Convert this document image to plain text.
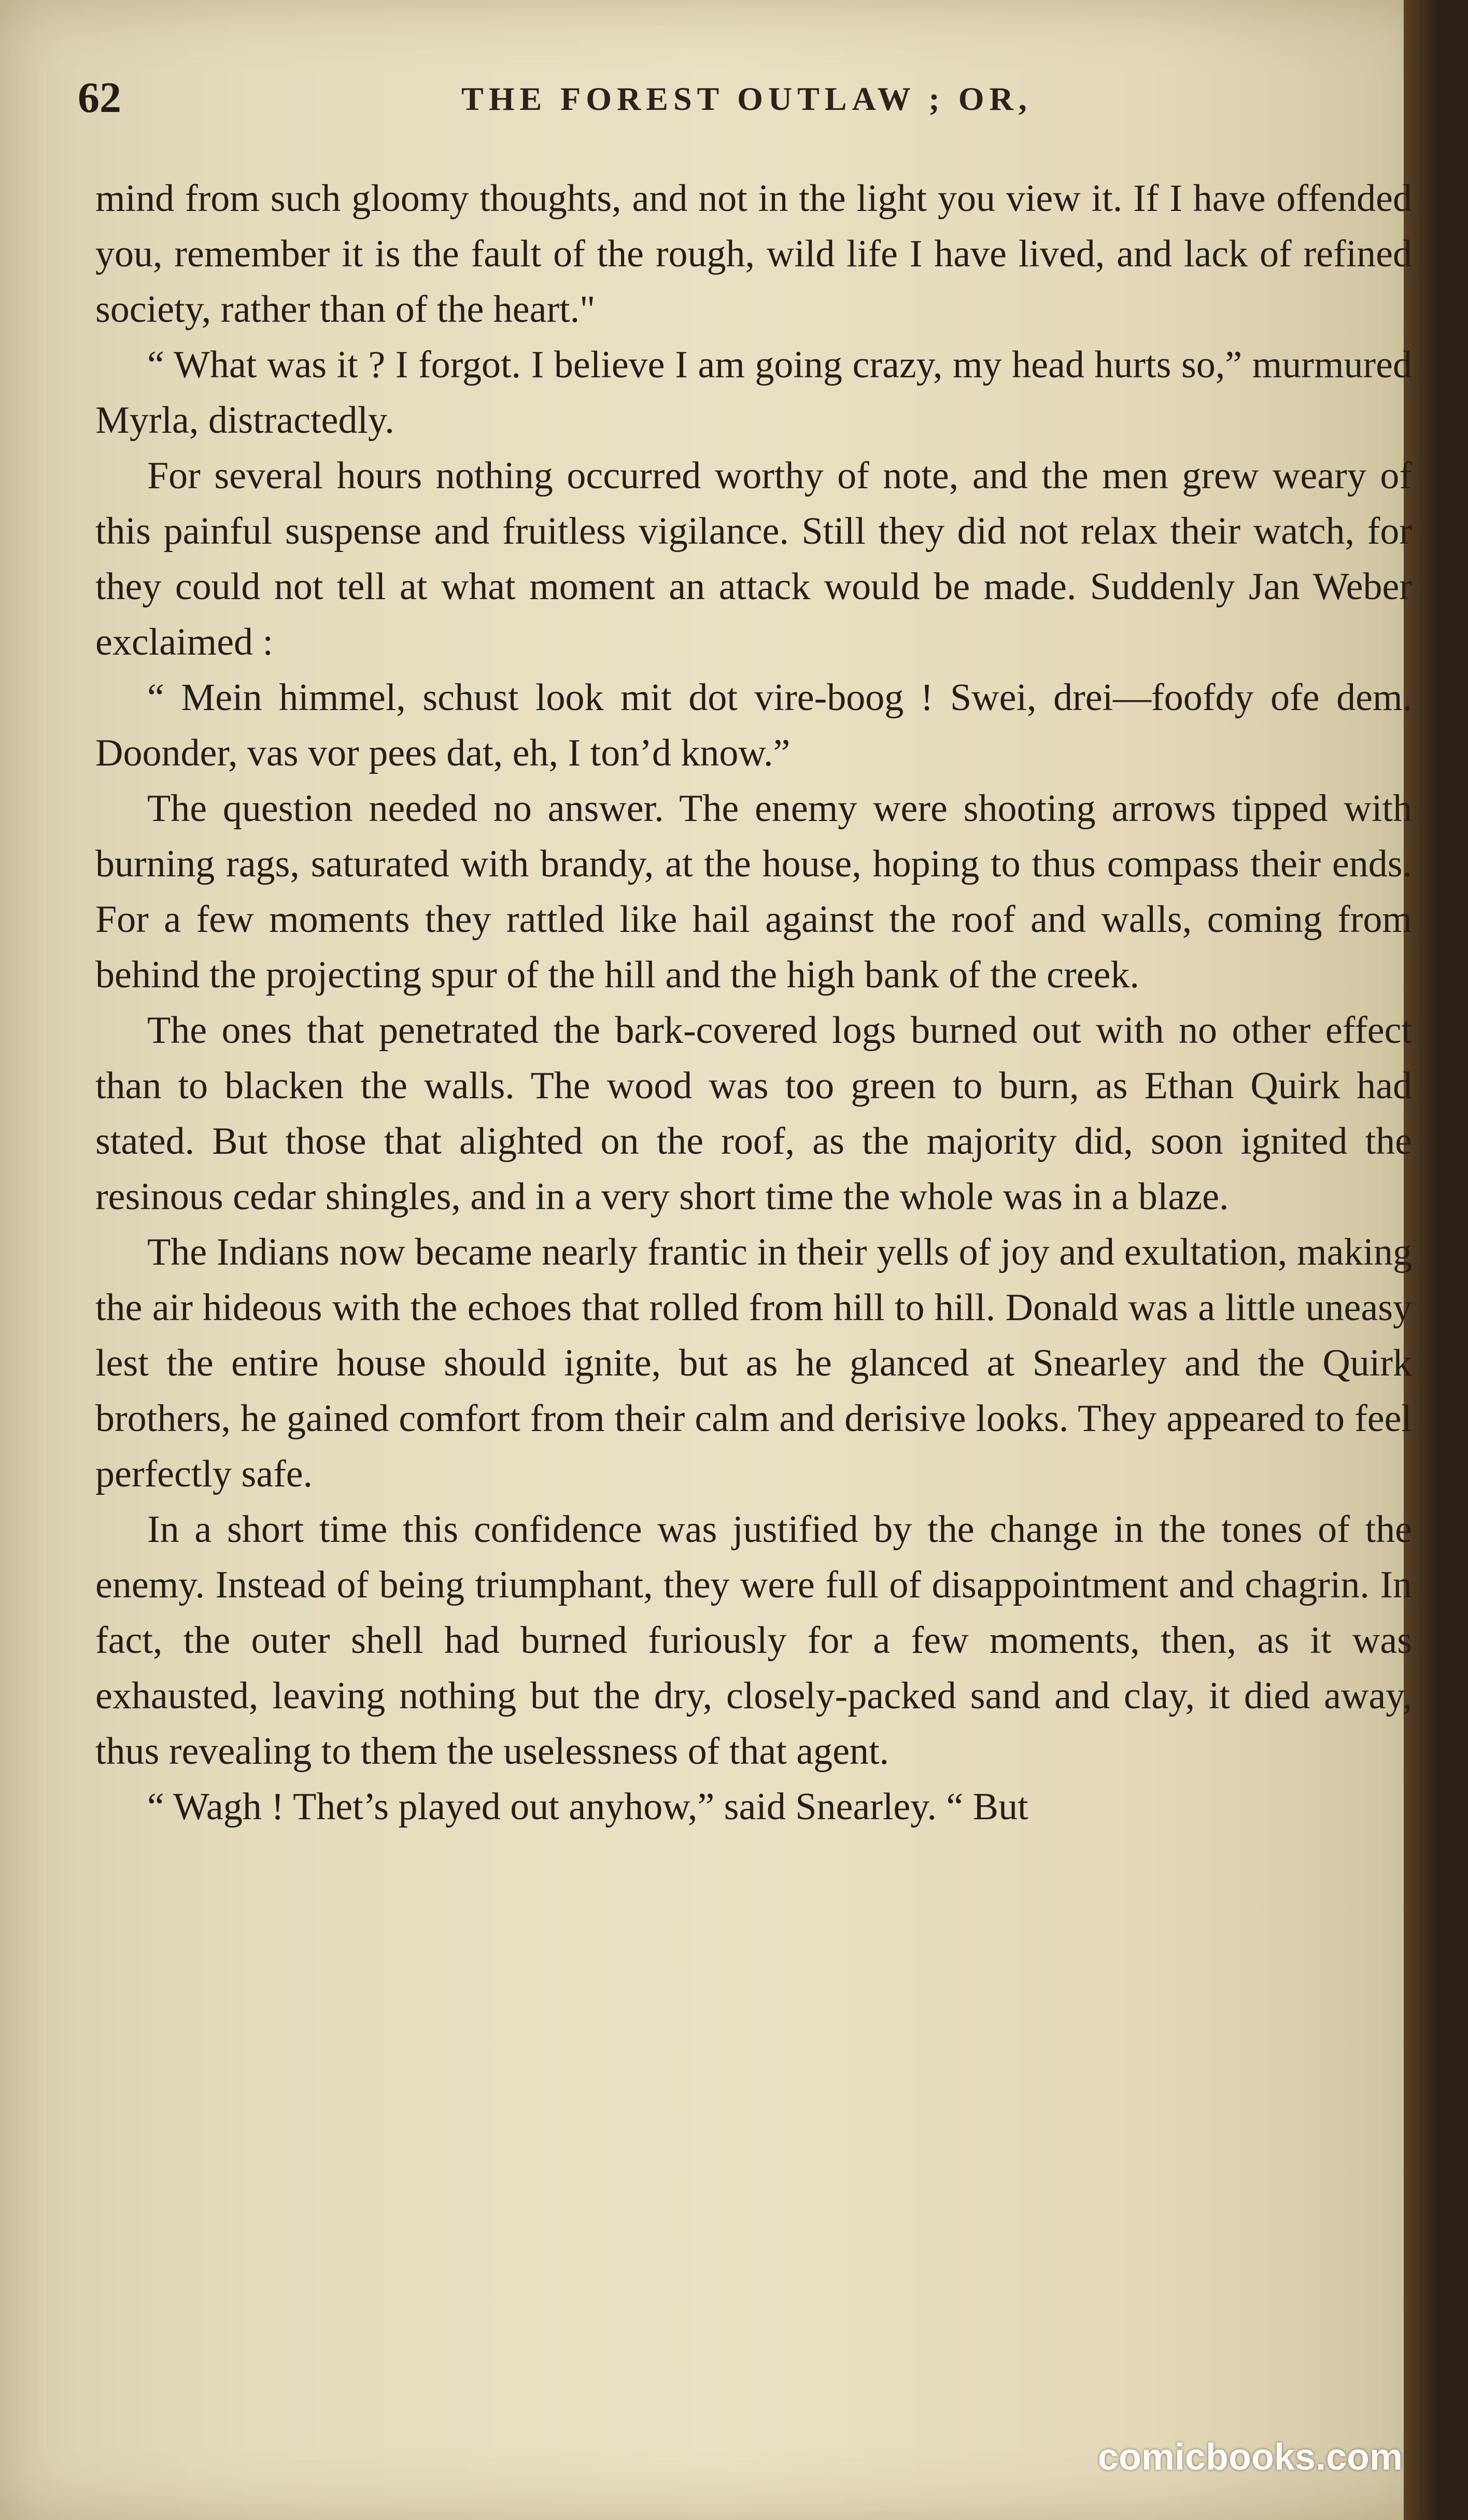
62	THE FOREST OUTLAW ; OR,

mind from such gloomy thoughts, and not in the light you view it. If I have offended you, remember it is the fault of the rough, wild life I have lived, and lack of refined society, rather than of the heart."

“ What was it ? I forgot. I believe I am going crazy, my head hurts so,” murmured Myrla, distractedly.

For several hours nothing occurred worthy of note, and the men grew weary of this painful suspense and fruitless vigilance. Still they did not relax their watch, for they could not tell at what moment an attack would be made. Suddenly Jan Weber exclaimed :

“ Mein himmel, schust look mit dot vire-boog ! Swei, drei—foofdy ofe dem. Doonder, vas vor pees dat, eh, I ton’d know.”

The question needed no answer. The enemy were shooting arrows tipped with burning rags, saturated with brandy, at the house, hoping to thus compass their ends. For a few moments they rattled like hail against the roof and walls, coming from behind the projecting spur of the hill and the high bank of the creek.

The ones that penetrated the bark-covered logs burned out with no other effect than to blacken the walls. The wood was too green to burn, as Ethan Quirk had stated. But those that alighted on the roof, as the majority did, soon ignited the resinous cedar shingles, and in a very short time the whole was in a blaze.

The Indians now became nearly frantic in their yells of joy and exultation, making the air hideous with the echoes that rolled from hill to hill. Donald was a little uneasy lest the entire house should ignite, but as he glanced at Snearley and the Quirk brothers, he gained comfort from their calm and derisive looks. They appeared to feel perfectly safe.

In a short time this confidence was justified by the change in the tones of the enemy. Instead of being triumphant, they were full of disappointment and chagrin. In fact, the outer shell had burned furiously for a few moments, then, as it was exhausted, leaving nothing but the dry, closely-packed sand and clay, it died away, thus revealing to them the uselessness of that agent.

“ Wagh ! Thet’s played out anyhow,” said Snearley. “ But

comicbooks.com
